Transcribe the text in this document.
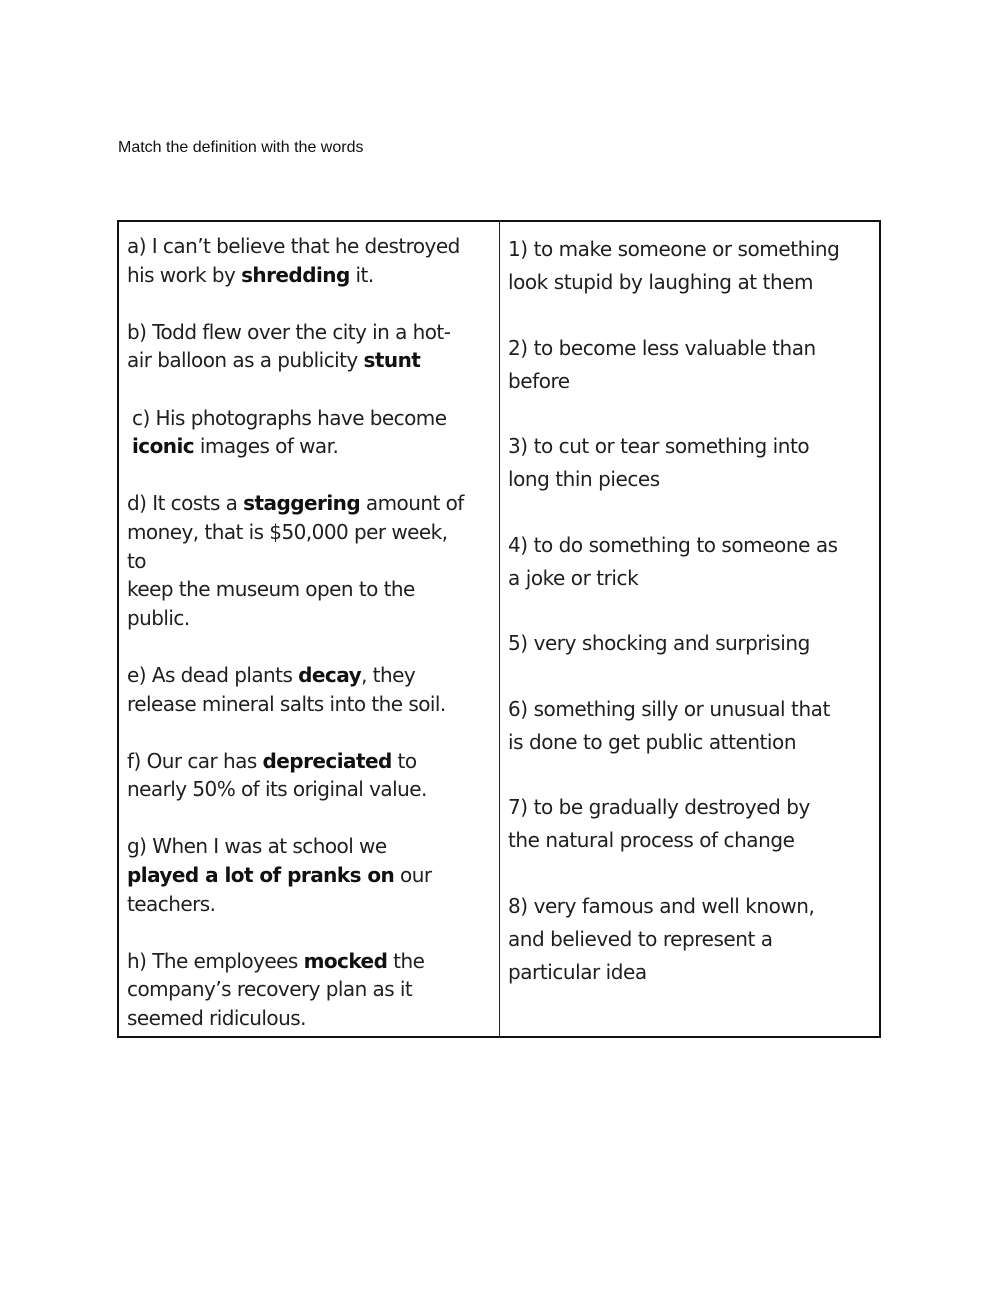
Match the definition with the words
a) I can’t believe that he destroyed
his work by shredding it.
b) Todd flew over the city in a hot-
air balloon as a publicity stunt
c) His photographs have become
iconic images of war.
d) It costs a staggering amount of
money, that is $50,000 per week,
to
keep the museum open to the
public.
e) As dead plants decay, they
release mineral salts into the soil.
f) Our car has depreciated to
nearly 50% of its original value.
g) When I was at school we
played a lot of pranks on our
teachers.
h) The employees mocked the
company’s recovery plan as it
seemed ridiculous.
1) to make someone or something
look stupid by laughing at them
2) to become less valuable than
before
3) to cut or tear something into
long thin pieces
4) to do something to someone as
a joke or trick
5) very shocking and surprising
6) something silly or unusual that
is done to get public attention
7) to be gradually destroyed by
the natural process of change
8) very famous and well known,
and believed to represent a
particular idea
